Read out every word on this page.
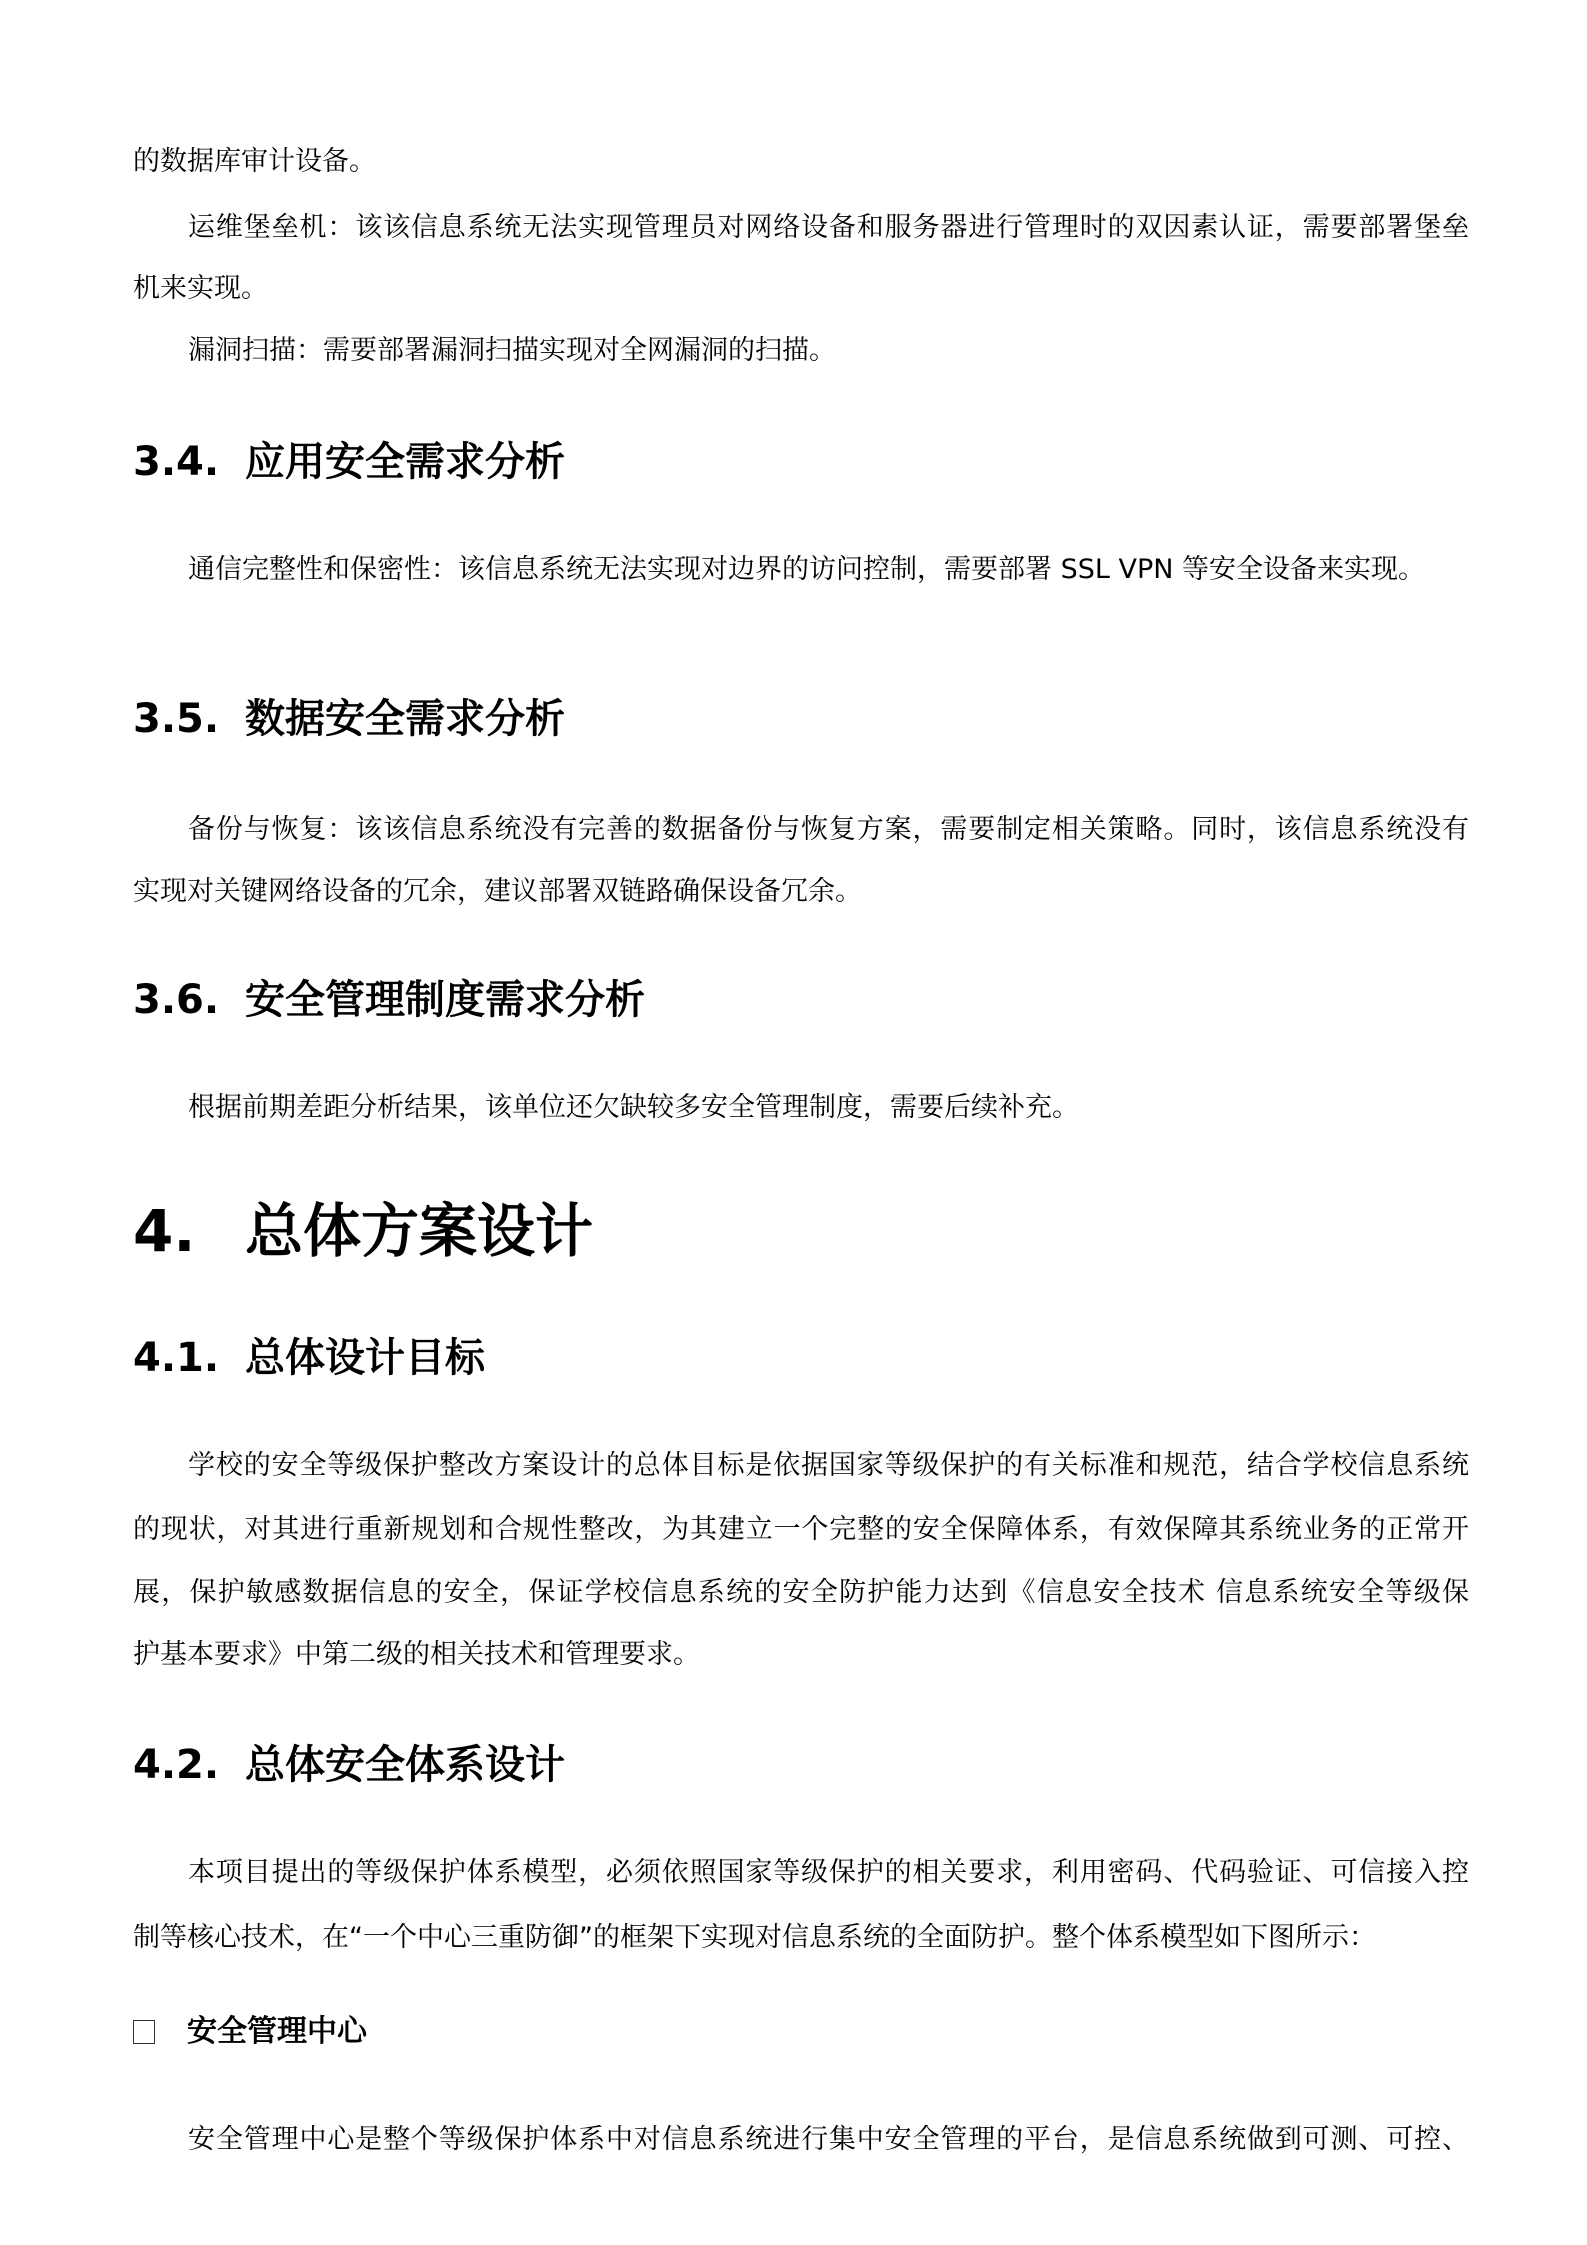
的数据库审计设备。
运维堡垒机：该该信息系统无法实现管理员对网络设备和服务器进行管理时的双因素认证，需要部署堡垒
机来实现。
漏洞扫描：需要部署漏洞扫描实现对全网漏洞的扫描。
3.4. 应用安全需求分析
通信完整性和保密性：该信息系统无法实现对边界的访问控制，需要部署 SSL VPN 等安全设备来实现。
3.5. 数据安全需求分析
备份与恢复：该该信息系统没有完善的数据备份与恢复方案，需要制定相关策略。同时，该信息系统没有
实现对关键网络设备的冗余，建议部署双链路确保设备冗余。
3.6. 安全管理制度需求分析
根据前期差距分析结果，该单位还欠缺较多安全管理制度，需要后续补充。
4. 总体方案设计
4.1. 总体设计目标
学校的安全等级保护整改方案设计的总体目标是依据国家等级保护的有关标准和规范，结合学校信息系统
的现状，对其进行重新规划和合规性整改，为其建立一个完整的安全保障体系，有效保障其系统业务的正常开
展，保护敏感数据信息的安全，保证学校信息系统的安全防护能力达到《信息安全技术 信息系统安全等级保
护基本要求》中第二级的相关技术和管理要求。
4.2. 总体安全体系设计
本项目提出的等级保护体系模型，必须依照国家等级保护的相关要求，利用密码、代码验证、可信接入控
制等核心技术，在“一个中心三重防御”的框架下实现对信息系统的全面防护。整个体系模型如下图所示：
安全管理中心
安全管理中心是整个等级保护体系中对信息系统进行集中安全管理的平台，是信息系统做到可测、可控、
